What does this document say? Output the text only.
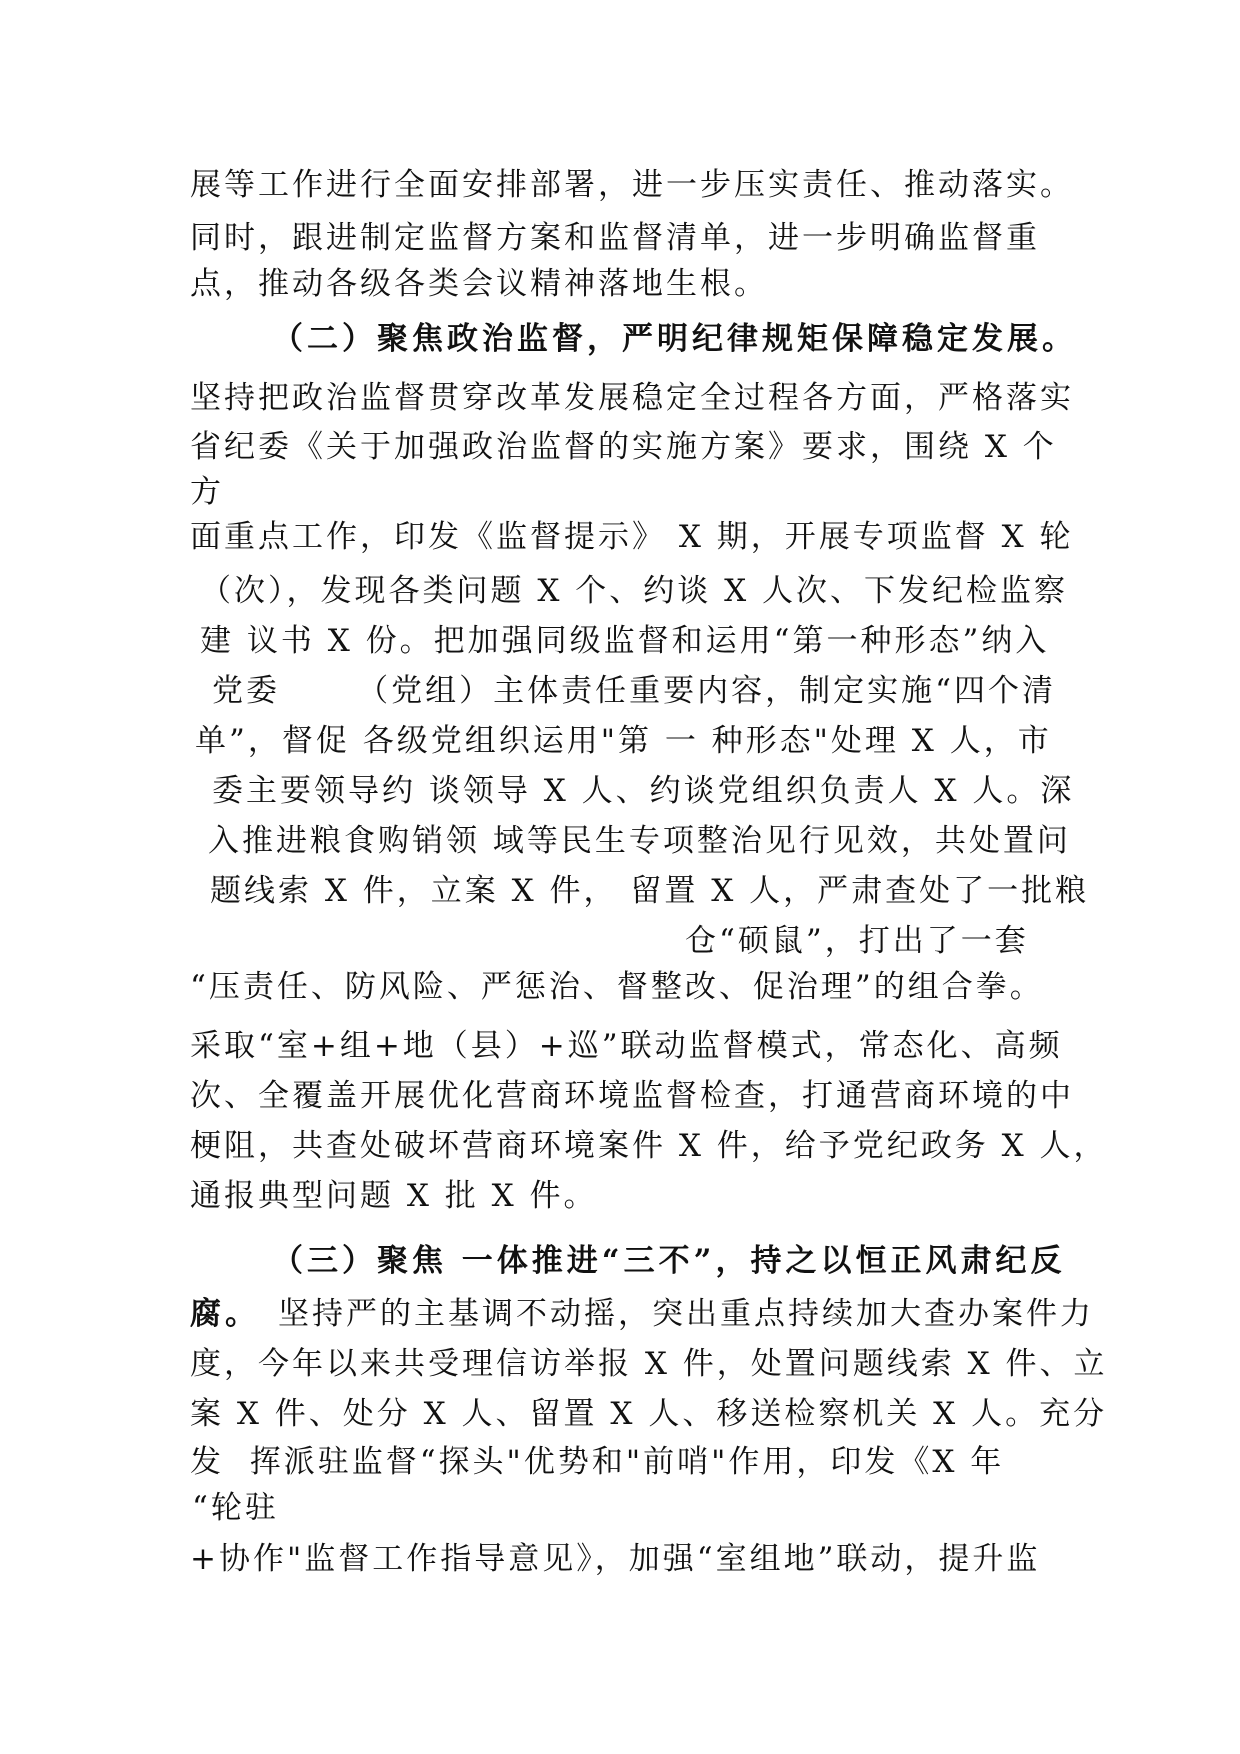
展等工作进行全面安排部署，进一步压实责任、推动落实。
同时，跟进制定监督方案和监督清单，进一步明确监督重
点，推动各级各类会议精神落地生根。
（二）聚焦政治监督，严明纪律规矩保障稳定发展。
坚持把政治监督贯穿改革发展稳定全过程各方面，严格落实
省纪委《关于加强政治监督的实施方案》要求，围绕 X 个
方
面重点工作，印发《监督提示》 X 期，开展专项监督 X 轮
（次），发现各类问题 X 个、约谈 X 人次、下发纪检监察
建 议书 X 份。把加强同级监督和运用“第一种形态”纳入
党委      （党组）主体责任重要内容，制定实施“四个清
单”，督促 各级党组织运用"第 一 种形态"处理 X 人，市
委主要领导约 谈领导 X 人、约谈党组织负责人 X 人。深
入推进粮食购销领 域等民生专项整治见行见效，共处置问
题线索 X 件，立案 X 件， 留置 X 人，严肃查处了一批粮
仓“硕鼠”，打出了一套
“压责任、防风险、严惩治、督整改、促治理”的组合拳。
采取“室+组+地（县）+巡”联动监督模式，常态化、高频
次、全覆盖开展优化营商环境监督检查，打通营商环境的中
梗阻，共查处破坏营商环境案件 X 件，给予党纪政务 X 人，
通报典型问题 X 批 X 件。
（三）聚焦 一体推进“三不”，持之以恒正风肃纪反
腐。 坚持严的主基调不动摇，突出重点持续加大查办案件力
度，今年以来共受理信访举报 X 件，处置问题线索 X 件、立
案 X 件、处分 X 人、留置 X 人、移送检察机关 X 人。充分
发  挥派驻监督“探头"优势和"前哨"作用，印发《X 年
“轮驻
+协作"监督工作指导意见》，加强“室组地”联动，提升监
